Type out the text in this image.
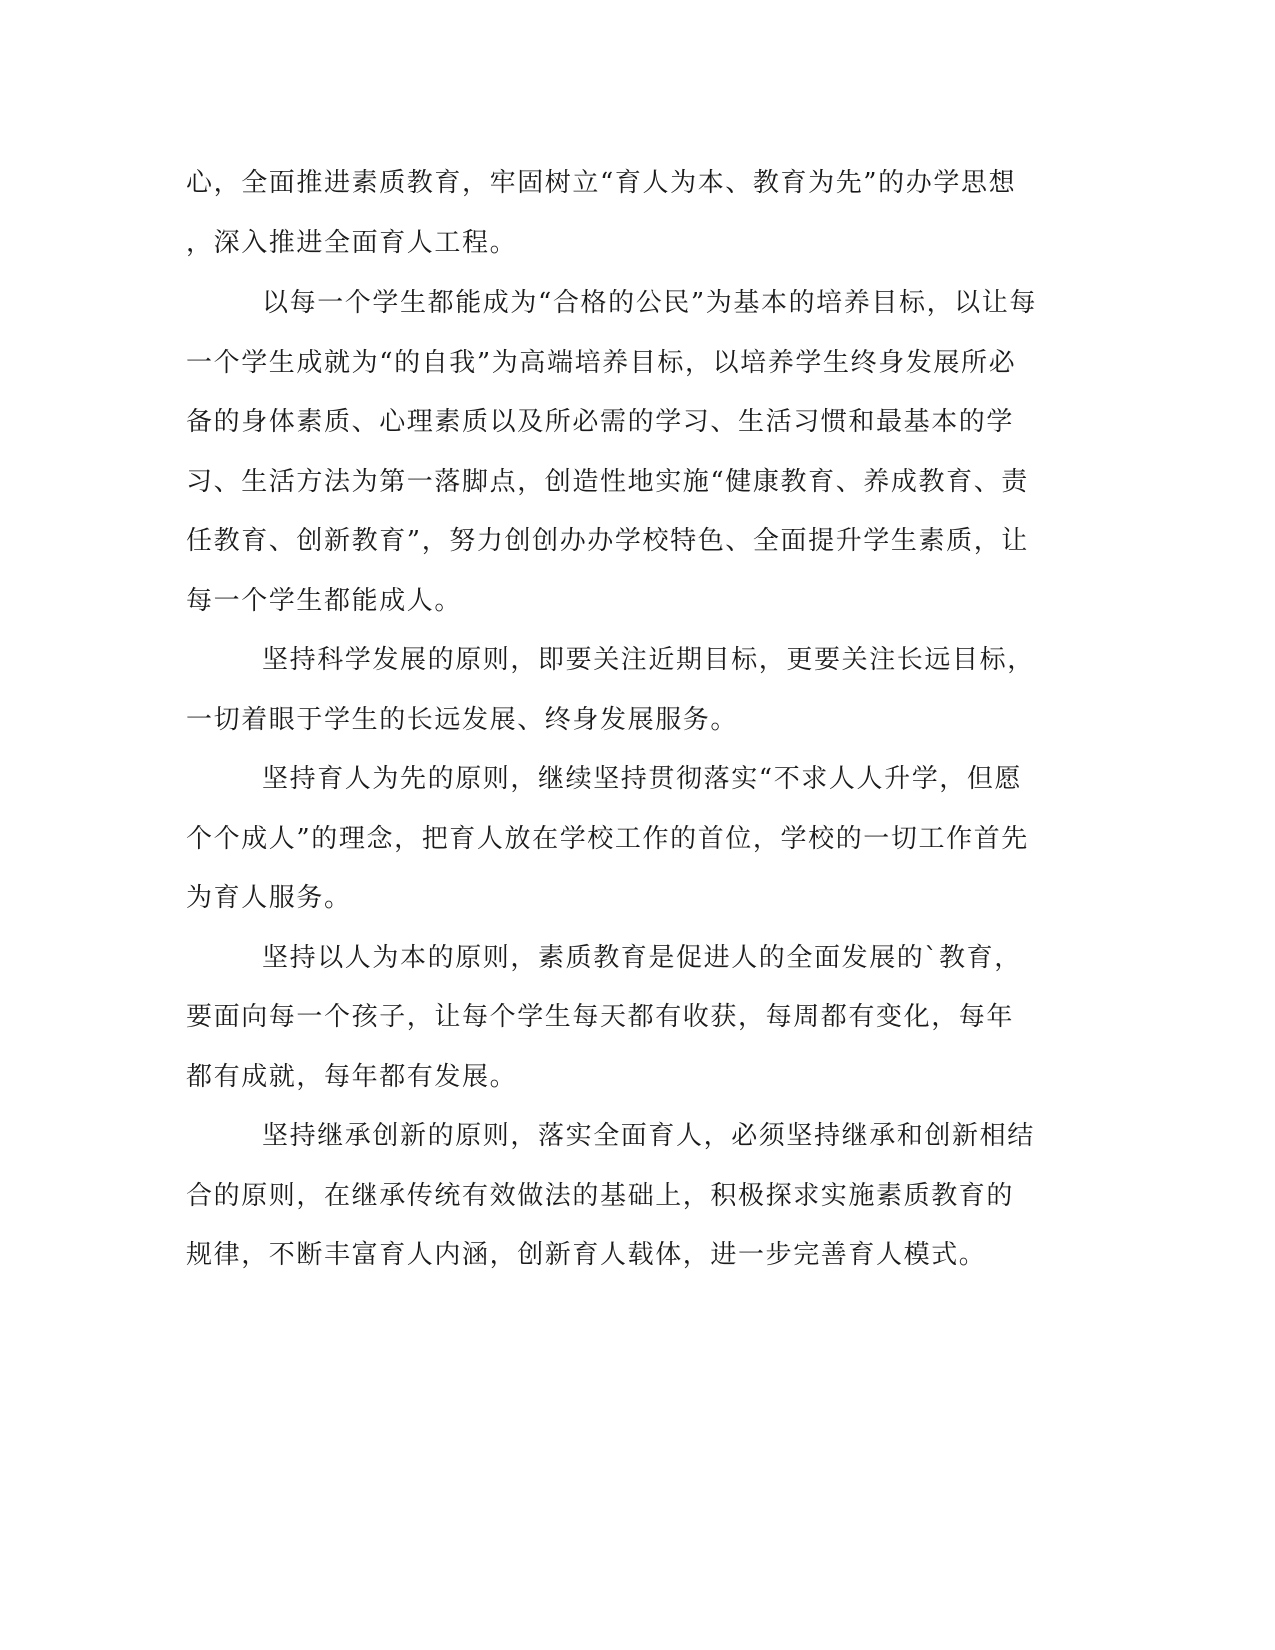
心，全面推进素质教育，牢固树立“育人为本、教育为先”的办学思想

，深入推进全面育人工程。

以每一个学生都能成为“合格的公民”为基本的培养目标，以让每

一个学生成就为“的自我”为高端培养目标，以培养学生终身发展所必

备的身体素质、心理素质以及所必需的学习、生活习惯和最基本的学

习、生活方法为第一落脚点，创造性地实施“健康教育、养成教育、责

任教育、创新教育”，努力创创办办学校特色、全面提升学生素质，让

每一个学生都能成人。

坚持科学发展的原则，即要关注近期目标，更要关注长远目标，

一切着眼于学生的长远发展、终身发展服务。

坚持育人为先的原则，继续坚持贯彻落实“不求人人升学，但愿

个个成人”的理念，把育人放在学校工作的首位，学校的一切工作首先

为育人服务。

坚持以人为本的原则，素质教育是促进人的全面发展的`教育，

要面向每一个孩子，让每个学生每天都有收获，每周都有变化，每年

都有成就，每年都有发展。

坚持继承创新的原则，落实全面育人，必须坚持继承和创新相结

合的原则，在继承传统有效做法的基础上，积极探求实施素质教育的

规律，不断丰富育人内涵，创新育人载体，进一步完善育人模式。
